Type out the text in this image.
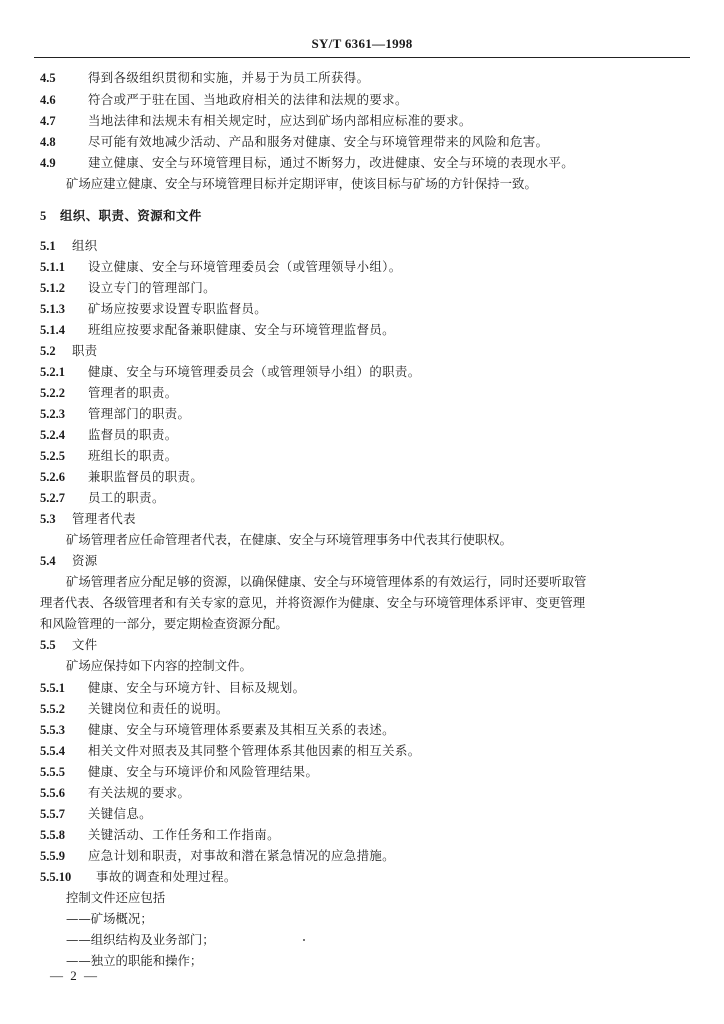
SY/T 6361—1998
4.5	得到各级组织贯彻和实施，并易于为员工所获得。
4.6	符合或严于驻在国、当地政府相关的法律和法规的要求。
4.7	当地法律和法规未有相关规定时，应达到矿场内部相应标准的要求。
4.8	尽可能有效地减少活动、产品和服务对健康、安全与环境管理带来的风险和危害。
4.9	建立健康、安全与环境管理目标，通过不断努力，改进健康、安全与环境的表现水平。
矿场应建立健康、安全与环境管理目标并定期评审，使该目标与矿场的方针保持一致。
5 组织、职责、资源和文件
5.1 组织
5.1.1 设立健康、安全与环境管理委员会（或管理领导小组）。
5.1.2 设立专门的管理部门。
5.1.3 矿场应按要求设置专职监督员。
5.1.4 班组应按要求配备兼职健康、安全与环境管理监督员。
5.2 职责
5.2.1 健康、安全与环境管理委员会（或管理领导小组）的职责。
5.2.2 管理者的职责。
5.2.3 管理部门的职责。
5.2.4 监督员的职责。
5.2.5 班组长的职责。
5.2.6 兼职监督员的职责。
5.2.7 员工的职责。
5.3 管理者代表
矿场管理者应任命管理者代表，在健康、安全与环境管理事务中代表其行使职权。
5.4 资源
矿场管理者应分配足够的资源，以确保健康、安全与环境管理体系的有效运行，同时还要听取管
理者代表、各级管理者和有关专家的意见，并将资源作为健康、安全与环境管理体系评审、变更管理
和风险管理的一部分，要定期检查资源分配。
5.5 文件
矿场应保持如下内容的控制文件。
5.5.1 健康、安全与环境方针、目标及规划。
5.5.2 关键岗位和责任的说明。
5.5.3 健康、安全与环境管理体系要素及其相互关系的表述。
5.5.4 相关文件对照表及其同整个管理体系其他因素的相互关系。
5.5.5 健康、安全与环境评价和风险管理结果。
5.5.6 有关法规的要求。
5.5.7 关键信息。
5.5.8 关键活动、工作任务和工作指南。
5.5.9 应急计划和职责，对事故和潜在紧急情况的应急措施。
5.5.10 事故的调查和处理过程。
控制文件还应包括
——矿场概况；
——组织结构及业务部门；
——独立的职能和操作；
— 2 —
